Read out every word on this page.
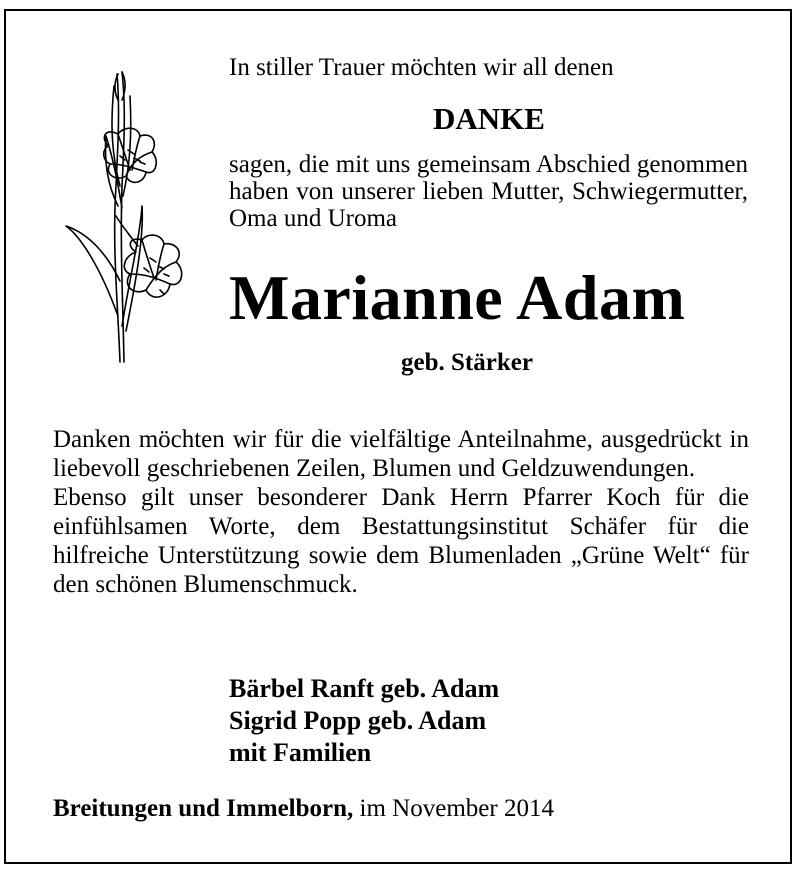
In stiller Trauer möchten wir all denen
DANKE
sagen, die mit uns gemeinsam Abschied genommen haben von unserer lieben Mutter, Schwiegermutter, Oma und Uroma
Marianne Adam
geb. Stärker

Danken möchten wir für die vielfältige Anteilnahme, ausgedrückt in liebevoll geschriebenen Zeilen, Blumen und Geldzuwendungen.

Ebenso gilt unser besonderer Dank Herrn Pfarrer Koch für die einfühlsamen Worte, dem Bestattungsinstitut Schäfer für die hilfreiche Unterstützung sowie dem Blumenladen „Grüne Welt“ für den schönen Blumenschmuck.

Bärbel Ranft geb. Adam
Sigrid Popp geb. Adam
mit Familien
Breitungen und Immelborn, im November 2014
